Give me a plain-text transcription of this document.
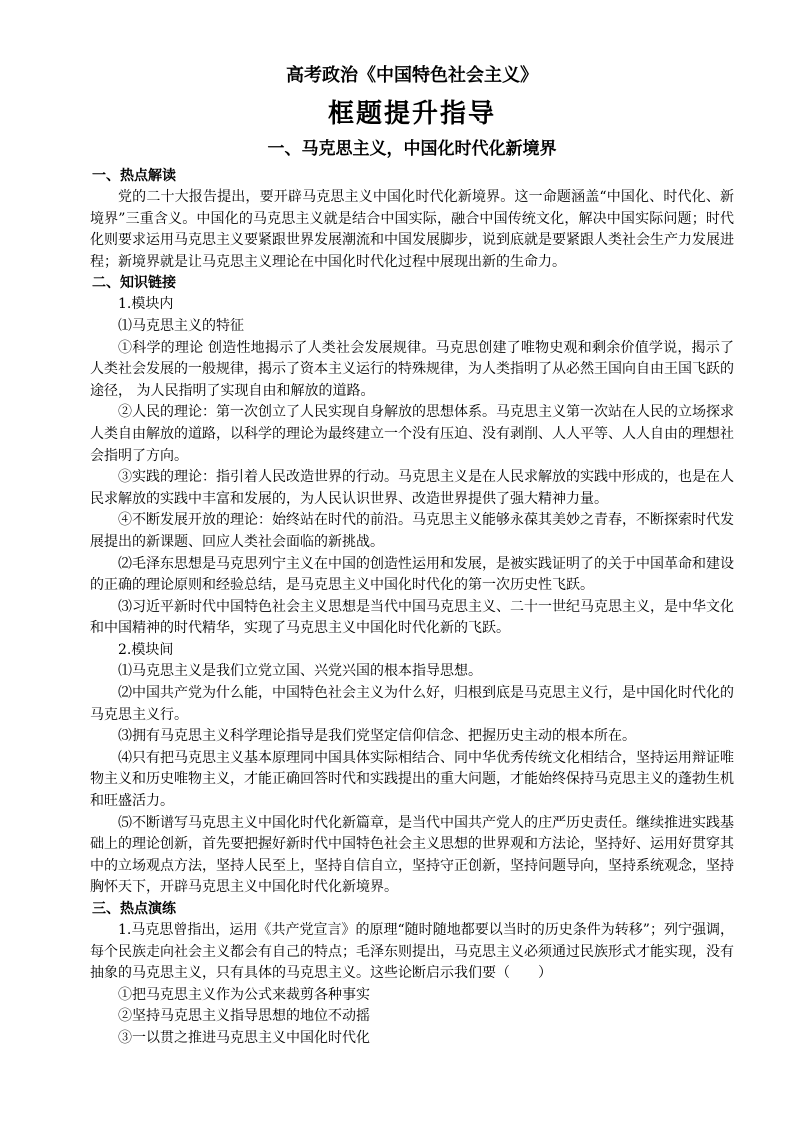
高考政治《中国特色社会主义》
框题提升指导
一、马克思主义，中国化时代化新境界

一、热点解读

党的二十大报告提出，要开辟马克思主义中国化时代化新境界。这一命题涵盖“中国化、时代化、新境界”三重含义。中国化的马克思主义就是结合中国实际，融合中国传统文化，解决中国实际问题；时代化则要求运用马克思主义要紧跟世界发展潮流和中国发展脚步，说到底就是要紧跟人类社会生产力发展进程；新境界就是让马克思主义理论在中国化时代化过程中展现出新的生命力。

二、知识链接

1.模块内

⑴马克思主义的特征

①科学的理论 创造性地揭示了人类社会发展规律。马克思创建了唯物史观和剩余价值学说，揭示了人类社会发展的一般规律，揭示了资本主义运行的特殊规律，为人类指明了从必然王国向自由王国飞跃的途径， 为人民指明了实现自由和解放的道路。

②人民的理论：第一次创立了人民实现自身解放的思想体系。马克思主义第一次站在人民的立场探求人类自由解放的道路，以科学的理论为最终建立一个没有压迫、没有剥削、人人平等、人人自由的理想社会指明了方向。

③实践的理论：指引着人民改造世界的行动。马克思主义是在人民求解放的实践中形成的，也是在人民求解放的实践中丰富和发展的，为人民认识世界、改造世界提供了强大精神力量。

④不断发展开放的理论：始终站在时代的前沿。马克思主义能够永葆其美妙之青春，不断探索时代发展提出的新课题、回应人类社会面临的新挑战。

⑵毛泽东思想是马克思列宁主义在中国的创造性运用和发展，是被实践证明了的关于中国革命和建设的正确的理论原则和经验总结，是马克思主义中国化时代化的第一次历史性飞跃。

⑶习近平新时代中国特色社会主义思想是当代中国马克思主义、二十一世纪马克思主义，是中华文化和中国精神的时代精华，实现了马克思主义中国化时代化新的飞跃。

2.模块间

⑴马克思主义是我们立党立国、兴党兴国的根本指导思想。

⑵中国共产党为什么能，中国特色社会主义为什么好，归根到底是马克思主义行，是中国化时代化的马克思主义行。

⑶拥有马克思主义科学理论指导是我们党坚定信仰信念、把握历史主动的根本所在。

⑷只有把马克思主义基本原理同中国具体实际相结合、同中华优秀传统文化相结合，坚持运用辩证唯物主义和历史唯物主义，才能正确回答时代和实践提出的重大问题，才能始终保持马克思主义的蓬勃生机和旺盛活力。

⑸不断谱写马克思主义中国化时代化新篇章，是当代中国共产党人的庄严历史责任。继续推进实践基础上的理论创新，首先要把握好新时代中国特色社会主义思想的世界观和方法论，坚持好、运用好贯穿其中的立场观点方法，坚持人民至上，坚持自信自立，坚持守正创新，坚持问题导向，坚持系统观念，坚持胸怀天下，开辟马克思主义中国化时代化新境界。

三、热点演练

1.马克思曾指出，运用《共产党宣言》的原理“随时随地都要以当时的历史条件为转移”；列宁强调，每个民族走向社会主义都会有自己的特点；毛泽东则提出，马克思主义必须通过民族形式才能实现，没有抽象的马克思主义，只有具体的马克思主义。这些论断启示我们要（　　）

①把马克思主义作为公式来裁剪各种事实

②坚持马克思主义指导思想的地位不动摇

③一以贯之推进马克思主义中国化时代化
